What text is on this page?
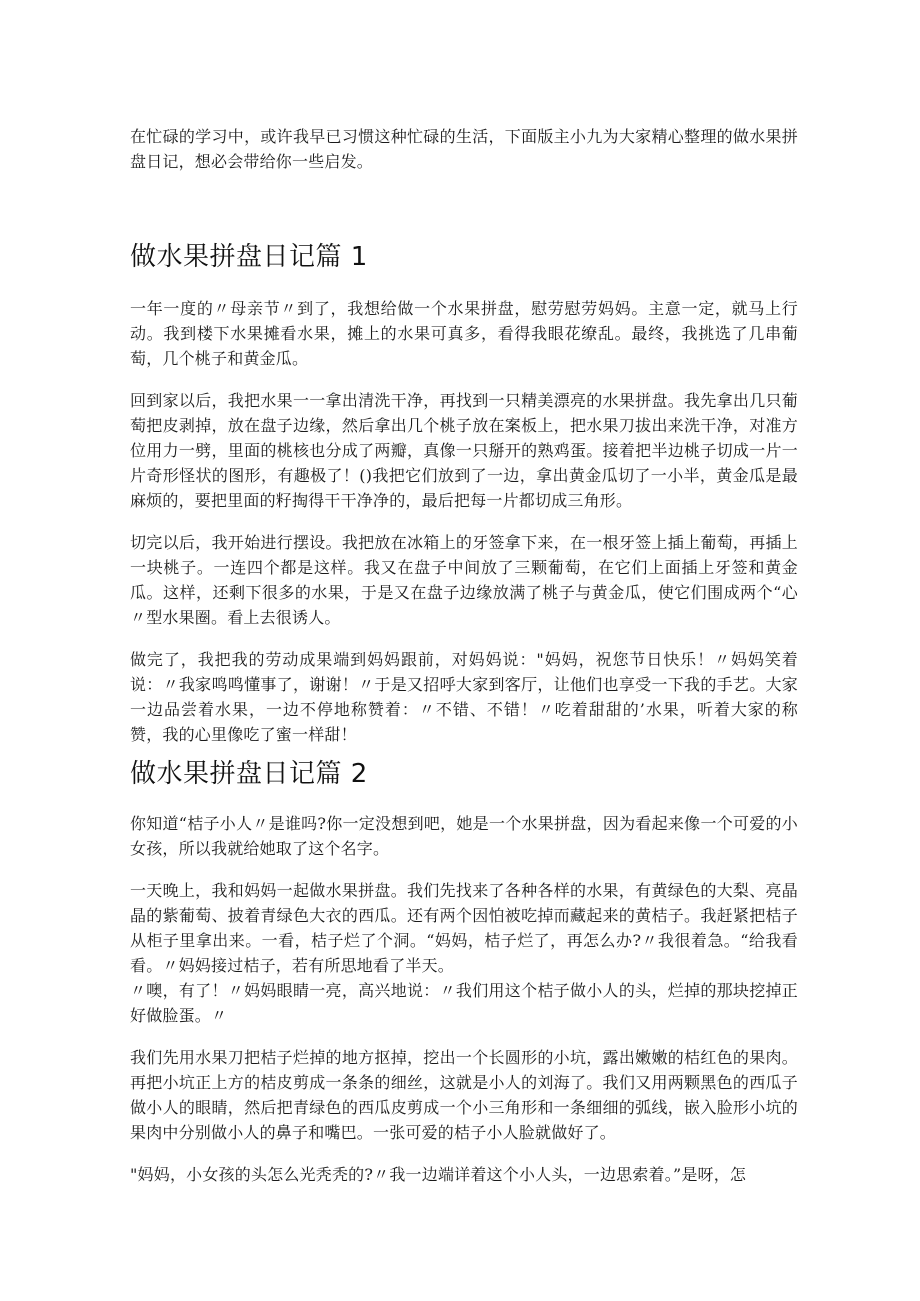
在忙碌的学习中，或许我早已习惯这种忙碌的生活，下面版主小九为大家精心整理的做水果拼盘日记，想必会带给你一些启发。

做水果拼盘日记篇 1

一年一度的〃母亲节〃到了，我想给做一个水果拼盘，慰劳慰劳妈妈。主意一定，就马上行动。我到楼下水果摊看水果，摊上的水果可真多，看得我眼花缭乱。最终，我挑选了几串葡萄，几个桃子和黄金瓜。

回到家以后，我把水果一一拿出清洗干净，再找到一只精美漂亮的水果拼盘。我先拿出几只葡萄把皮剥掉，放在盘子边缘，然后拿出几个桃子放在案板上，把水果刀拔出来洗干净，对准方位用力一劈，里面的桃核也分成了两瓣，真像一只掰开的熟鸡蛋。接着把半边桃子切成一片一片奇形怪状的图形，有趣极了！()我把它们放到了一边，拿出黄金瓜切了一小半，黄金瓜是最麻烦的，要把里面的籽掏得干干净净的，最后把每一片都切成三角形。

切完以后，我开始进行摆设。我把放在冰箱上的牙签拿下来，在一根牙签上插上葡萄，再插上一块桃子。一连四个都是这样。我又在盘子中间放了三颗葡萄，在它们上面插上牙签和黄金瓜。这样，还剩下很多的水果，于是又在盘子边缘放满了桃子与黄金瓜，使它们围成两个“心〃型水果圈。看上去很诱人。

做完了，我把我的劳动成果端到妈妈跟前，对妈妈说："妈妈，祝您节日快乐！〃妈妈笑着说：〃我家鸣鸣懂事了，谢谢！〃于是又招呼大家到客厅，让他们也享受一下我的手艺。大家一边品尝着水果，一边不停地称赞着：〃不错、不错！〃吃着甜甜的’水果，听着大家的称赞，我的心里像吃了蜜一样甜！

做水果拼盘日记篇 2

你知道“桔子小人〃是谁吗?你一定没想到吧，她是一个水果拼盘，因为看起来像一个可爱的小女孩，所以我就给她取了这个名字。

一天晚上，我和妈妈一起做水果拼盘。我们先找来了各种各样的水果，有黄绿色的大梨、亮晶晶的紫葡萄、披着青绿色大衣的西瓜。还有两个因怕被吃掉而藏起来的黄桔子。我赶紧把桔子从柜子里拿出来。一看，桔子烂了个洞。“妈妈，桔子烂了，再怎么办?〃我很着急。“给我看看。〃妈妈接过桔子，若有所思地看了半天。

〃噢，有了！〃妈妈眼睛一亮，高兴地说：〃我们用这个桔子做小人的头，烂掉的那块挖掉正好做脸蛋。〃

我们先用水果刀把桔子烂掉的地方抠掉，挖出一个长圆形的小坑，露出嫩嫩的桔红色的果肉。再把小坑正上方的桔皮剪成一条条的细丝，这就是小人的刘海了。我们又用两颗黑色的西瓜子做小人的眼睛，然后把青绿色的西瓜皮剪成一个小三角形和一条细细的弧线，嵌入脸形小坑的果肉中分别做小人的鼻子和嘴巴。一张可爱的桔子小人脸就做好了。

"妈妈，小女孩的头怎么光秃秃的?〃我一边端详着这个小人头，一边思索着。”是呀，怎
